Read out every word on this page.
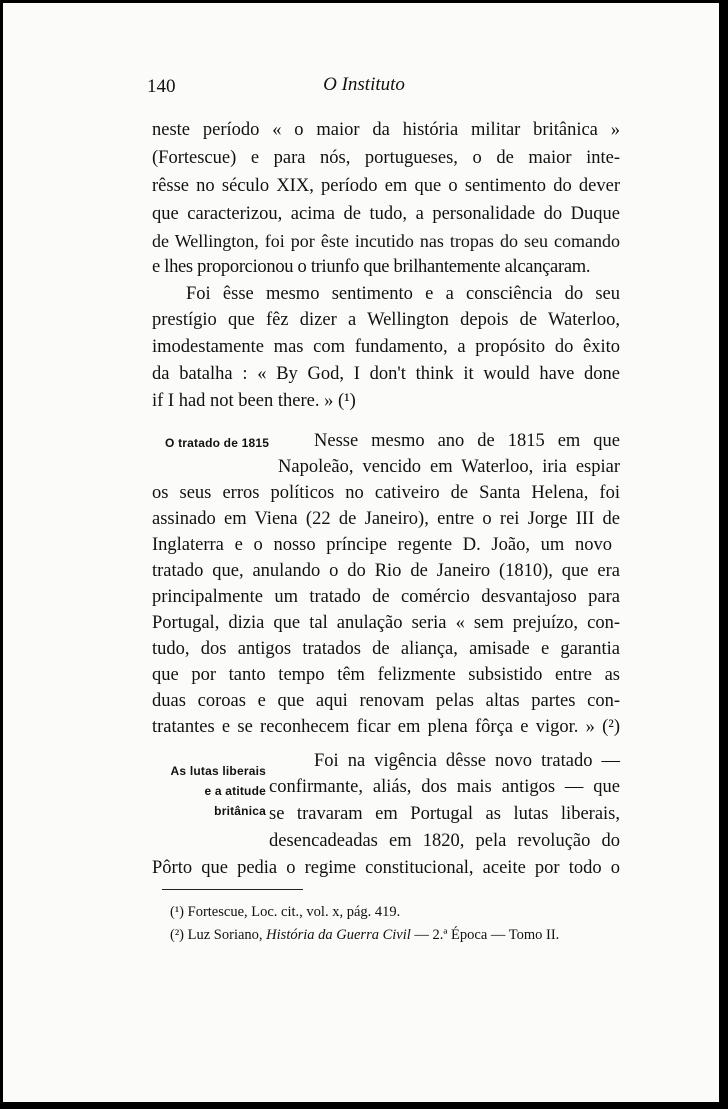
140	O Instituto
neste período « o maior da história militar britânica »
(Fortescue) e para nós, portugueses, o de maior inte-
rêsse no século XIX, período em que o sentimento do dever
que caracterizou, acima de tudo, a personalidade do Duque
de Wellington, foi por êste incutido nas tropas do seu comando
e lhes proporcionou o triunfo que brilhantemente alcançaram.
Foi êsse mesmo sentimento e a consciência do seu
prestígio que fêz dizer a Wellington depois de Waterloo,
imodestamente mas com fundamento, a propósito do êxito
da batalha : « By God, I don't think it would have done
if I had not been there. » (¹)
O tratado de 1815 Nesse mesmo ano de 1815 em que
Napoleão, vencido em Waterloo, iria espiar
os seus erros políticos no cativeiro de Santa Helena, foi
assinado em Viena (22 de Janeiro), entre o rei Jorge III de
Inglaterra e o nosso príncipe regente D. João, um novo
tratado que, anulando o do Rio de Janeiro (1810), que era
principalmente um tratado de comércio desvantajoso para
Portugal, dizia que tal anulação seria « sem prejuízo, con-
tudo, dos antigos tratados de aliança, amisade e garantia
que por tanto tempo têm felizmente subsistido entre as
duas coroas e que aqui renovam pelas altas partes con-
tratantes e se reconhecem ficar em plena fôrça e vigor. » (²)
As lutas liberais
e a atitude
britânica
Foi na vigência dêsse novo tratado —
confirmante, aliás, dos mais antigos — que
se travaram em Portugal as lutas liberais,
desencadeadas em 1820, pela revolução do
Pôrto que pedia o regime constitucional, aceite por todo o
(¹) Fortescue, Loc. cit., vol. x, pág. 419.
(²) Luz Soriano, História da Guerra Civil — 2.ª Época — Tomo II.
